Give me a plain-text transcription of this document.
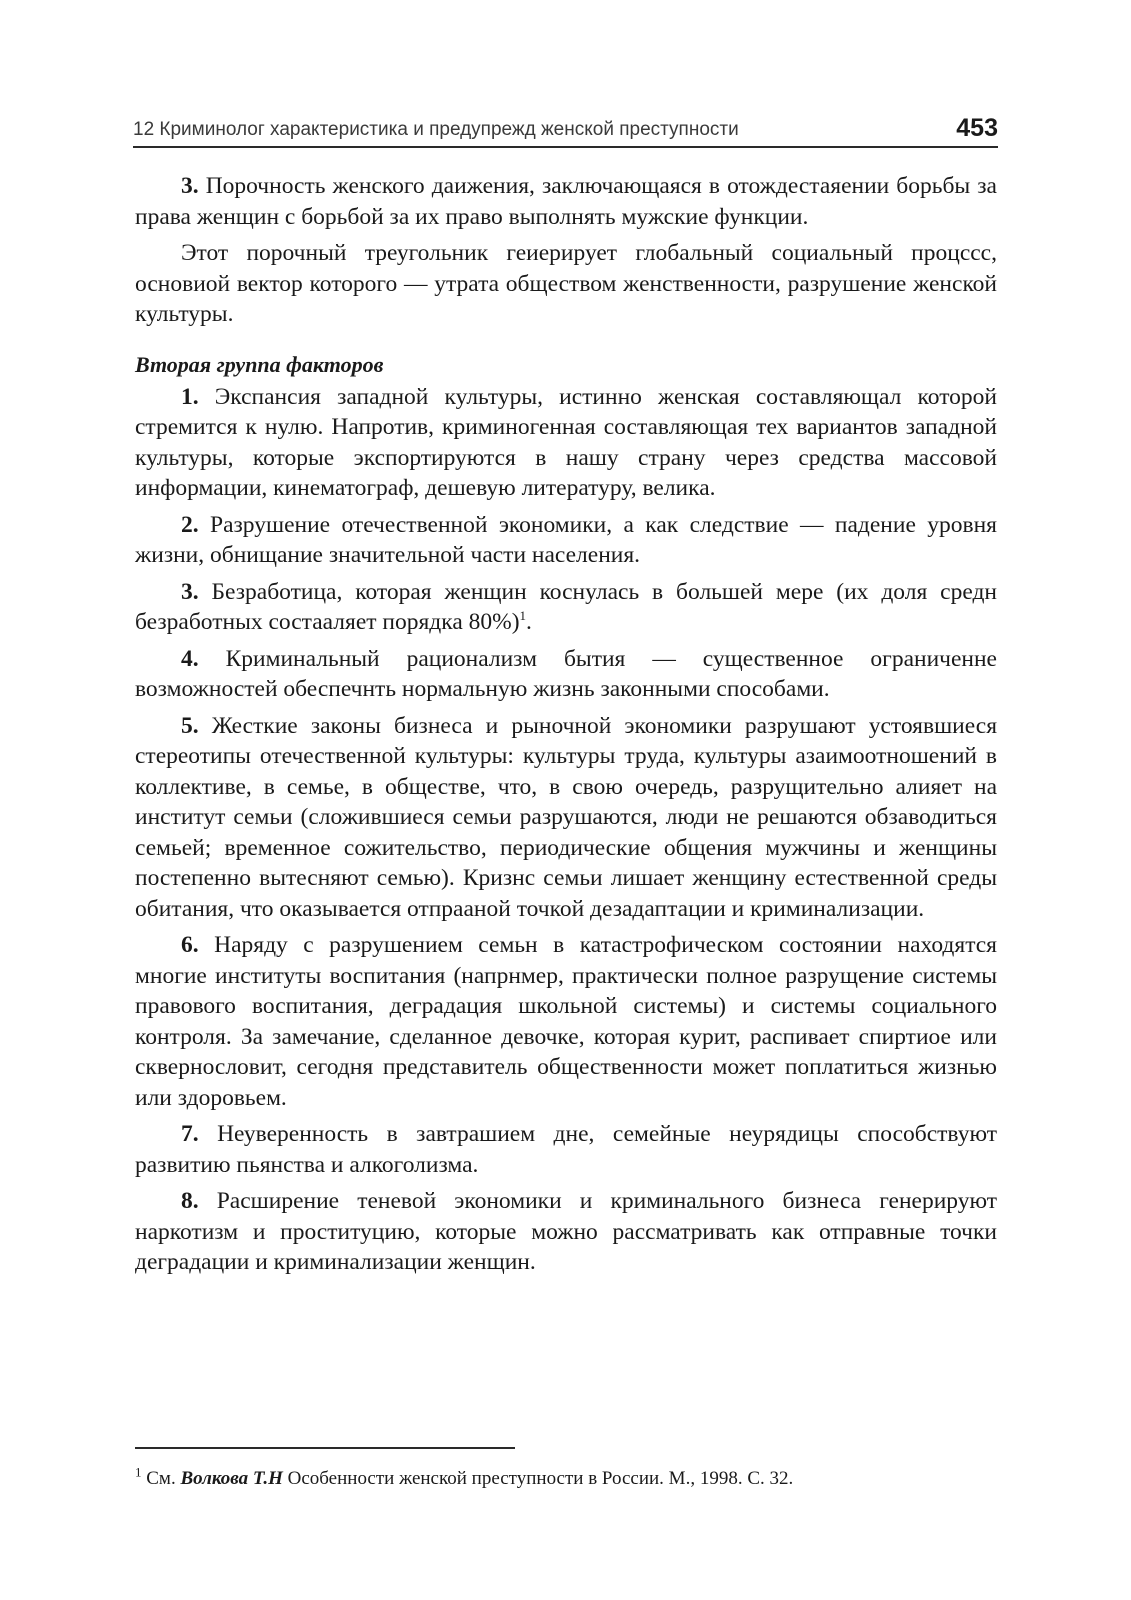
12 Криминолог характеристика и предупрежд женской преступности	453

3. Порочность женского даижения, заключающаяся в отождестаяении борьбы за права женщин с борьбой за их право выполнять мужские функции.

Этот порочный треугольник геиерирует глобальный социальный процссс, основиой вектор которого — утрата обществом женственности, разрушение женской культуры.

Вторая группа факторов

1. Экспансия западной культуры, истинно женская составляющал которой стремится к нулю. Напротив, криминогенная составляющая тех вариантов западной культуры, которые экспортируются в нашу страну через средства массовой информации, кинематограф, дешевую литературу, велика.

2. Разрушение отечественной экономики, а как следствие — падение уровня жизни, обнищание значительной части населения.

3. Безработица, которая женщин коснулась в большей мере (их доля средн безработных состааляет порядка 80%)$^1$.

4. Криминальный рационализм бытия — существенное ограниченне возможностей обеспечнть нормальную жизнь законными способами.

5. Жесткие законы бизнеса и рыночной экономики разрушают устоявшиеся стереотипы отечественной культуры: культуры труда, культуры азаимоотношений в коллективе, в семье, в обществе, что, в свою очередь, разрущительно алияет на институт семьи (сложившиеся семьи разрушаются, люди не решаются обзаводиться семьей; временное сожительство, периодические общения мужчины и женщины постепенно вытесняют семью). Кризнс семьи лишает женщину естественной среды обитания, что оказывается отпрааной точкой дезадаптации и криминализации.

6. Наряду с разрушением семьн в катастрофическом состоянии находятся многие институты воспитания (напрнмер, практически полное разрущение системы правового воспитания, деградация школьной системы) и системы социального контроля. За замечание, сделанное девочке, которая курит, распивает спиртиое или сквернословит, сегодня представитель общественности может поплатиться жизнью или здоровьем.

7. Неуверенность в завтрашием дне, семейные неурядицы способствуют развитию пьянства и алкоголизма.

8. Расширение теневой экономики и криминального бизнеса генерируют наркотизм и проституцию, которые можно рассматривать как отправные точки деградации и криминализации женщин.

$^1$ См. Волкова Т.Н Особенности женской преступности в России. М., 1998. С. 32.
